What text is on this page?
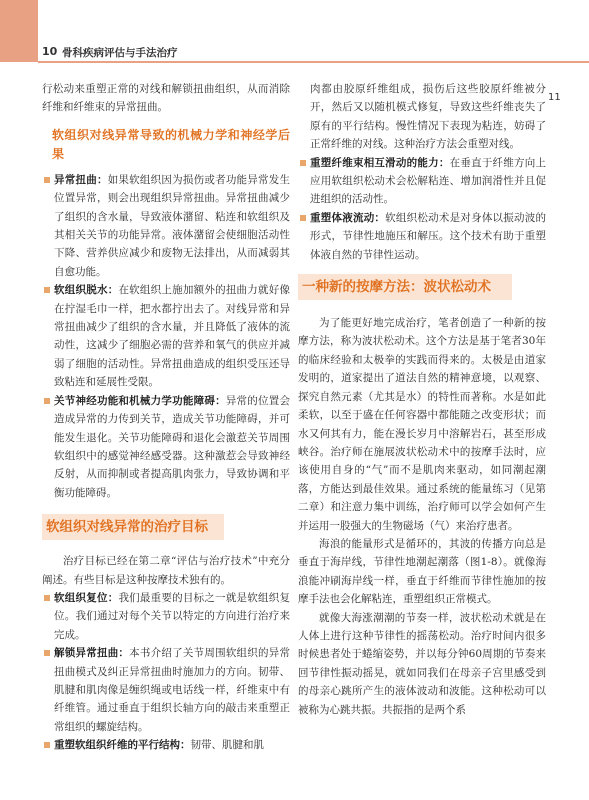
10 骨科疾病评估与手法治疗
11

行松动来重塑正常的对线和解锁扭曲组织，从而消除纤维和纤维束的异常扭曲。

软组织对线异常导致的机械力学和神经学后果
异常扭曲：如果软组织因为损伤或者功能异常发生位置异常，则会出现组织异常扭曲。异常扭曲减少了组织的含水量，导致液体潴留、粘连和软组织及其相关关节的功能异常。液体潴留会使细胞活动性下降、营养供应减少和废物无法排出，从而减弱其自愈功能。
软组织脱水：在软组织上施加额外的扭曲力就好像在拧湿毛巾一样，把水都拧出去了。对线异常和异常扭曲减少了组织的含水量，并且降低了液体的流动性，这减少了细胞必需的营养和氧气的供应并减弱了细胞的活动性。异常扭曲造成的组织受压还导致粘连和延展性受限。
关节神经功能和机械力学功能障碍：异常的位置会造成异常的力传到关节，造成关节功能障碍，并可能发生退化。关节功能障碍和退化会激惹关节周围软组织中的感觉神经感受器。这种激惹会导致神经反射，从而抑制或者提高肌肉张力，导致协调和平衡功能障碍。
软组织对线异常的治疗目标

治疗目标已经在第二章“评估与治疗技术”中充分阐述。有些目标是这种按摩技术独有的。

软组织复位：我们最重要的目标之一就是软组织复位。我们通过对每个关节以特定的方向进行治疗来完成。
解锁异常扭曲：本书介绍了关节周围软组织的异常扭曲模式及纠正异常扭曲时施加力的方向。韧带、肌腱和肌肉像是缠织绳或电话线一样，纤维束中有纤维管。通过垂直于组织长轴方向的敲击来重塑正常组织的螺旋结构。
重塑软组织纤维的平行结构：韧带、肌腱和肌

肉都由胶原纤维组成，损伤后这些胶原纤维被分开，然后又以随机模式修复，导致这些纤维丧失了原有的平行结构。慢性情况下表现为粘连，妨碍了正常纤维的对线。这种治疗方法会重塑对线。

重塑纤维束相互滑动的能力：在垂直于纤维方向上应用软组织松动术会松解粘连、增加润滑性并且促进组织的活动性。
重塑体液流动：软组织松动术是对身体以振动波的形式，节律性地施压和解压。这个技术有助于重塑体液自然的节律性运动。
一种新的按摩方法：波状松动术

为了能更好地完成治疗，笔者创造了一种新的按摩方法，称为波状松动术。这个方法是基于笔者30年的临床经验和太极拳的实践而得来的。太极是由道家发明的，道家提出了道法自然的精神意境，以观察、探究自然元素（尤其是水）的特性而著称。水是如此柔软，以至于盛在任何容器中都能随之改变形状；而水又何其有力，能在漫长岁月中溶解岩石，甚至形成峡谷。治疗师在施展波状松动术中的按摩手法时，应该使用自身的“气”而不是肌肉来驱动，如同潮起潮落，方能达到最佳效果。通过系统的能量练习（见第二章）和注意力集中训练，治疗师可以学会如何产生并运用一股强大的生物磁场（气）来治疗患者。

海浪的能量形式是循环的，其波的传播方向总是垂直于海岸线，节律性地潮起潮落（图1-8）。就像海浪能冲刷海岸线一样，垂直于纤维而节律性施加的按摩手法也会化解粘连，重塑组织正常模式。

就像大海涨潮潮的节奏一样，波状松动术就是在人体上进行这种节律性的摇荡松动。治疗时间内很多时候患者处于蜷缩姿势，并以每分钟60周期的节奏来回节律性振动摇晃，就如同我们在母亲子宫里感受到的母亲心跳所产生的液体波动和波能。这种松动可以被称为心跳共振。共振指的是两个系
